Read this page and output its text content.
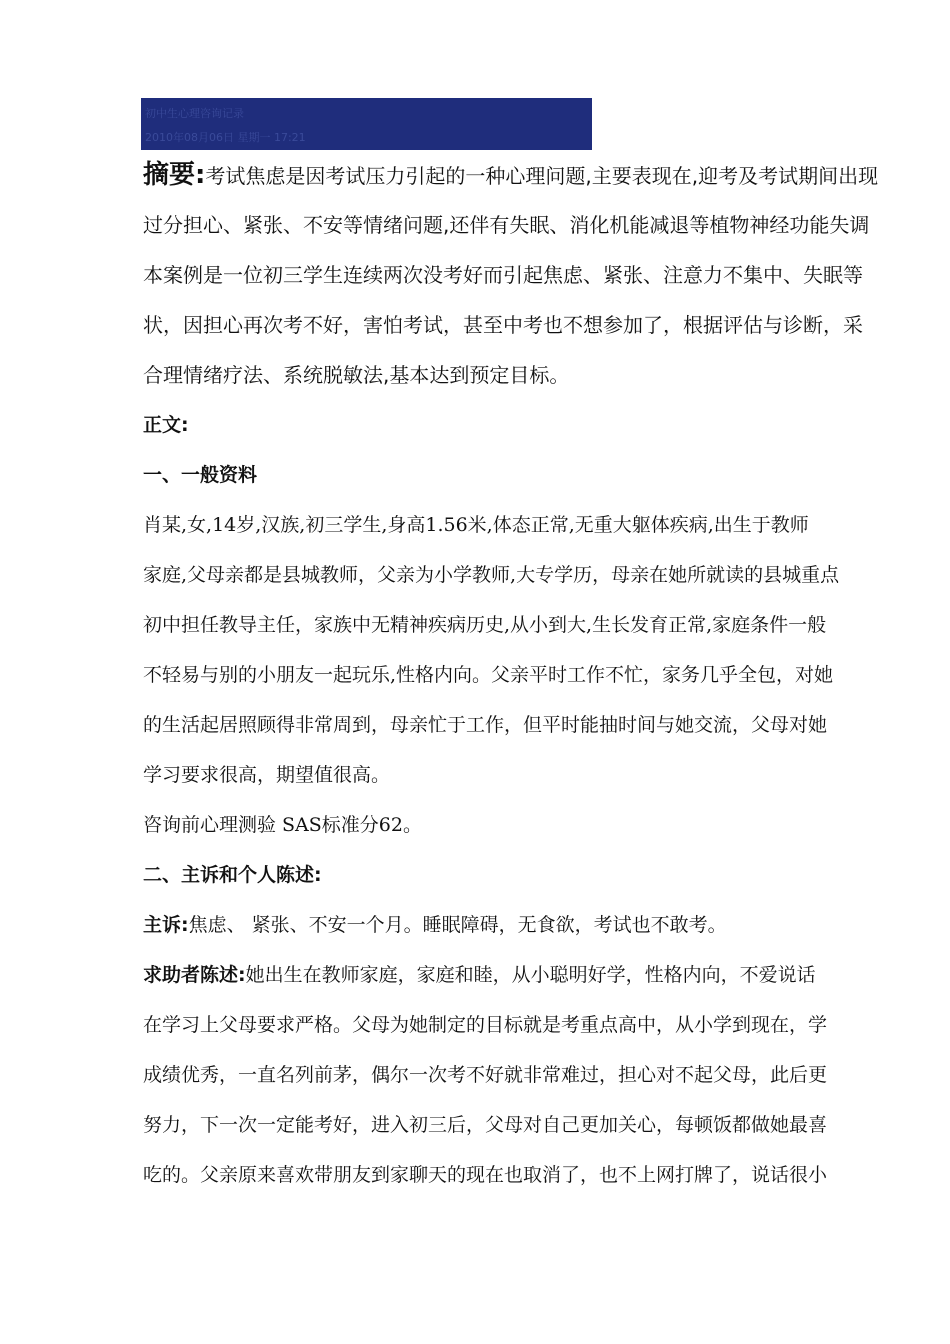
初中生心理咨询记录
2010年08月06日 星期一 17:21
摘要:考试焦虑是因考试压力引起的一种心理问题,主要表现在,迎考及考试期间出现
过分担心、紧张、不安等情绪问题,还伴有失眠、消化机能减退等植物神经功能失调
本案例是一位初三学生连续两次没考好而引起焦虑、紧张、注意力不集中、失眠等
状，因担心再次考不好，害怕考试，甚至中考也不想参加了，根据评估与诊断，采
合理情绪疗法、系统脱敏法,基本达到预定目标。
正文:
一、一般资料
肖某,女,14岁,汉族,初三学生,身高1.56米,体态正常,无重大躯体疾病,出生于教师
家庭,父母亲都是县城教师，父亲为小学教师,大专学历，母亲在她所就读的县城重点
初中担任教导主任，家族中无精神疾病历史,从小到大,生长发育正常,家庭条件一般
不轻易与别的小朋友一起玩乐,性格内向。父亲平时工作不忙，家务几乎全包，对她
的生活起居照顾得非常周到，母亲忙于工作，但平时能抽时间与她交流，父母对她
学习要求很高，期望值很高。
咨询前心理测验 SAS标准分62。
二、主诉和个人陈述:
主诉:焦虑、 紧张、不安一个月。睡眠障碍，无食欲，考试也不敢考。
求助者陈述:她出生在教师家庭，家庭和睦，从小聪明好学，性格内向，不爱说话
在学习上父母要求严格。父母为她制定的目标就是考重点高中，从小学到现在，学
成绩优秀，一直名列前茅，偶尔一次考不好就非常难过，担心对不起父母，此后更
努力，下一次一定能考好，进入初三后，父母对自己更加关心，每顿饭都做她最喜
吃的。父亲原来喜欢带朋友到家聊天的现在也取消了，也不上网打牌了，说话很小
